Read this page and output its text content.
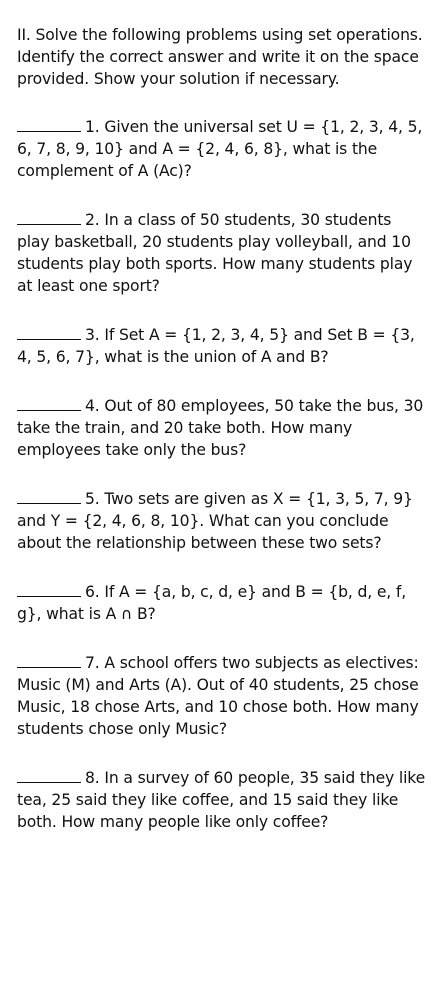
II. Solve the following problems using set operations. Identify the correct answer and write it on the space provided. Show your solution if necessary.

1. Given the universal set U = {1, 2, 3, 4, 5, 6, 7, 8, 9, 10} and A = {2, 4, 6, 8}, what is the complement of A (Ac)?

2. In a class of 50 students, 30 students play basketball, 20 students play volleyball, and 10 students play both sports. How many students play at least one sport?

3. If Set A = {1, 2, 3, 4, 5} and Set B = {3, 4, 5, 6, 7}, what is the union of A and B?

4. Out of 80 employees, 50 take the bus, 30 take the train, and 20 take both. How many employees take only the bus?

5. Two sets are given as X = {1, 3, 5, 7, 9} and Y = {2, 4, 6, 8, 10}. What can you conclude about the relationship between these two sets?

6. If A = {a, b, c, d, e} and B = {b, d, e, f, g}, what is A ∩ B?

7. A school offers two subjects as electives: Music (M) and Arts (A). Out of 40 students, 25 chose Music, 18 chose Arts, and 10 chose both. How many students chose only Music?

8. In a survey of 60 people, 35 said they like tea, 25 said they like coffee, and 15 said they like both. How many people like only coffee?
